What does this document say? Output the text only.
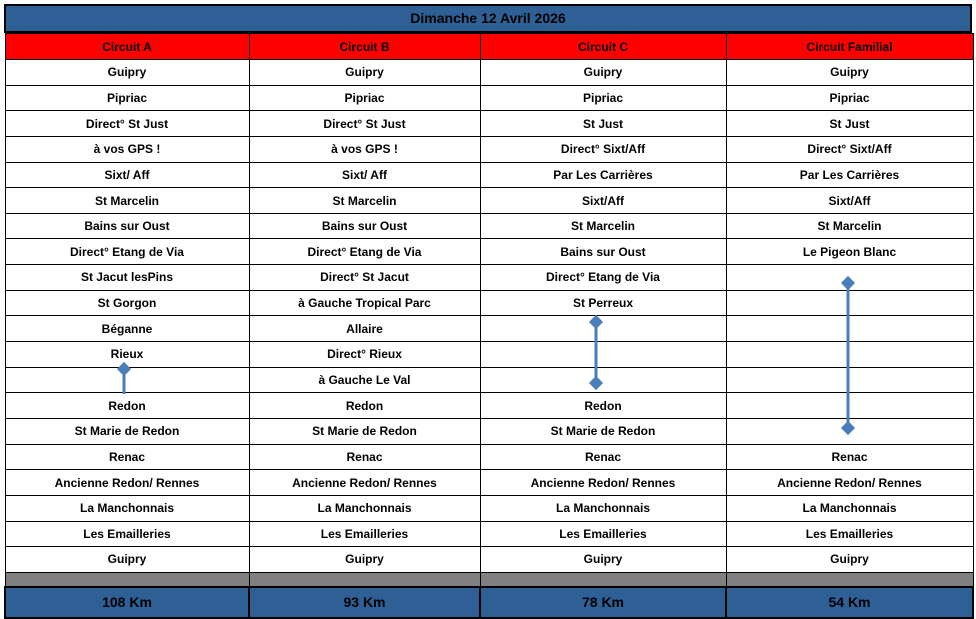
Dimanche 12 Avril 2026
Circuit A	Circuit B	Circuit C	Circuit Familial
Guipry	Guipry	Guipry	Guipry
Pipriac	Pipriac	Pipriac	Pipriac
Direct° St Just	Direct° St Just	St Just	St Just
à vos GPS !	à vos GPS !	Direct° Sixt/Aff	Direct° Sixt/Aff
Sixt/ Aff	Sixt/ Aff	Par Les Carrières	Par Les Carrières
St Marcelin	St Marcelin	Sixt/Aff	Sixt/Aff
Bains sur Oust	Bains sur Oust	St Marcelin	St Marcelin
Direct° Etang de Via	Direct° Etang de Via	Bains sur Oust	Le Pigeon Blanc
St Jacut lesPins	Direct° St Jacut	Direct° Etang de Via	
St Gorgon	à Gauche Tropical Parc	St Perreux	
Béganne	Allaire		
Rieux	Direct° Rieux		
	à Gauche Le Val		
Redon	Redon	Redon	
St Marie de Redon	St Marie de Redon	St Marie de Redon	
Renac	Renac	Renac	Renac
Ancienne Redon/ Rennes	Ancienne Redon/ Rennes	Ancienne Redon/ Rennes	Ancienne Redon/ Rennes
La Manchonnais	La Manchonnais	La Manchonnais	La Manchonnais
Les Emailleries	Les Emailleries	Les Emailleries	Les Emailleries
Guipry	Guipry	Guipry	Guipry

108 Km	93 Km	78 Km	54 Km
